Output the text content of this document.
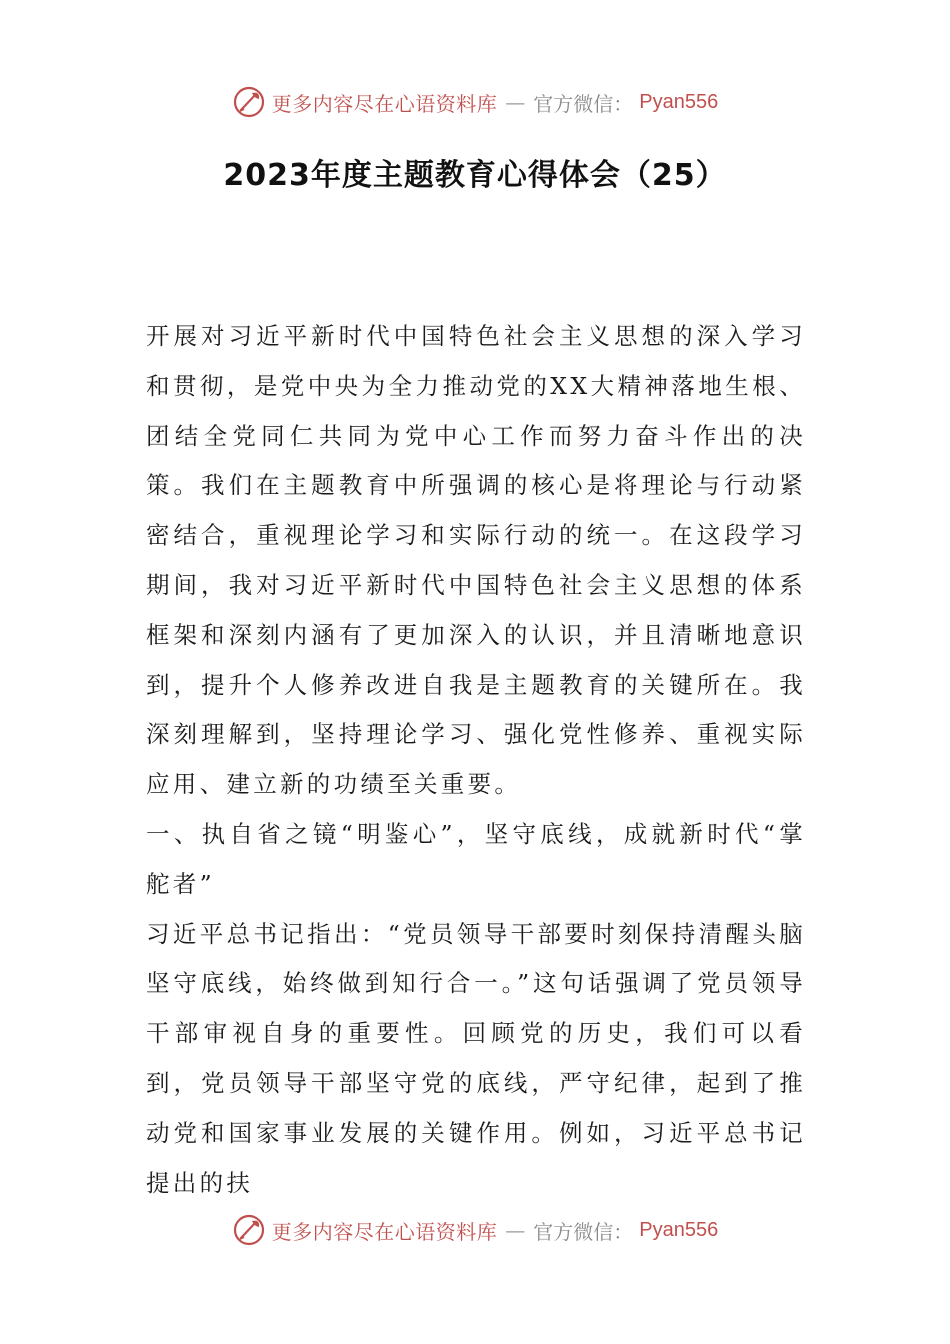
更多内容尽在心语资料库 — 官方微信： Pyan556
2023年度主题教育心得体会（25）

开展对习近平新时代中国特色社会主义思想的深入学习和贯彻，是党中央为全力推动党的XX大精神落地生根、团结全党同仁共同为党中心工作而努力奋斗作出的决策。我们在主题教育中所强调的核心是将理论与行动紧密结合，重视理论学习和实际行动的统一。在这段学习期间，我对习近平新时代中国特色社会主义思想的体系框架和深刻内涵有了更加深入的认识，并且清晰地意识到，提升个人修养改进自我是主题教育的关键所在。我深刻理解到，坚持理论学习、强化党性修养、重视实际应用、建立新的功绩至关重要。

一、执自省之镜“明鉴心”，坚守底线，成就新时代“掌舵者”

习近平总书记指出：“党员领导干部要时刻保持清醒头脑坚守底线，始终做到知行合一。”这句话强调了党员领导干部审视自身的重要性。回顾党的历史，我们可以看到，党员领导干部坚守党的底线，严守纪律，起到了推动党和国家事业发展的关键作用。例如，习近平总书记提出的扶

更多内容尽在心语资料库 — 官方微信： Pyan556
